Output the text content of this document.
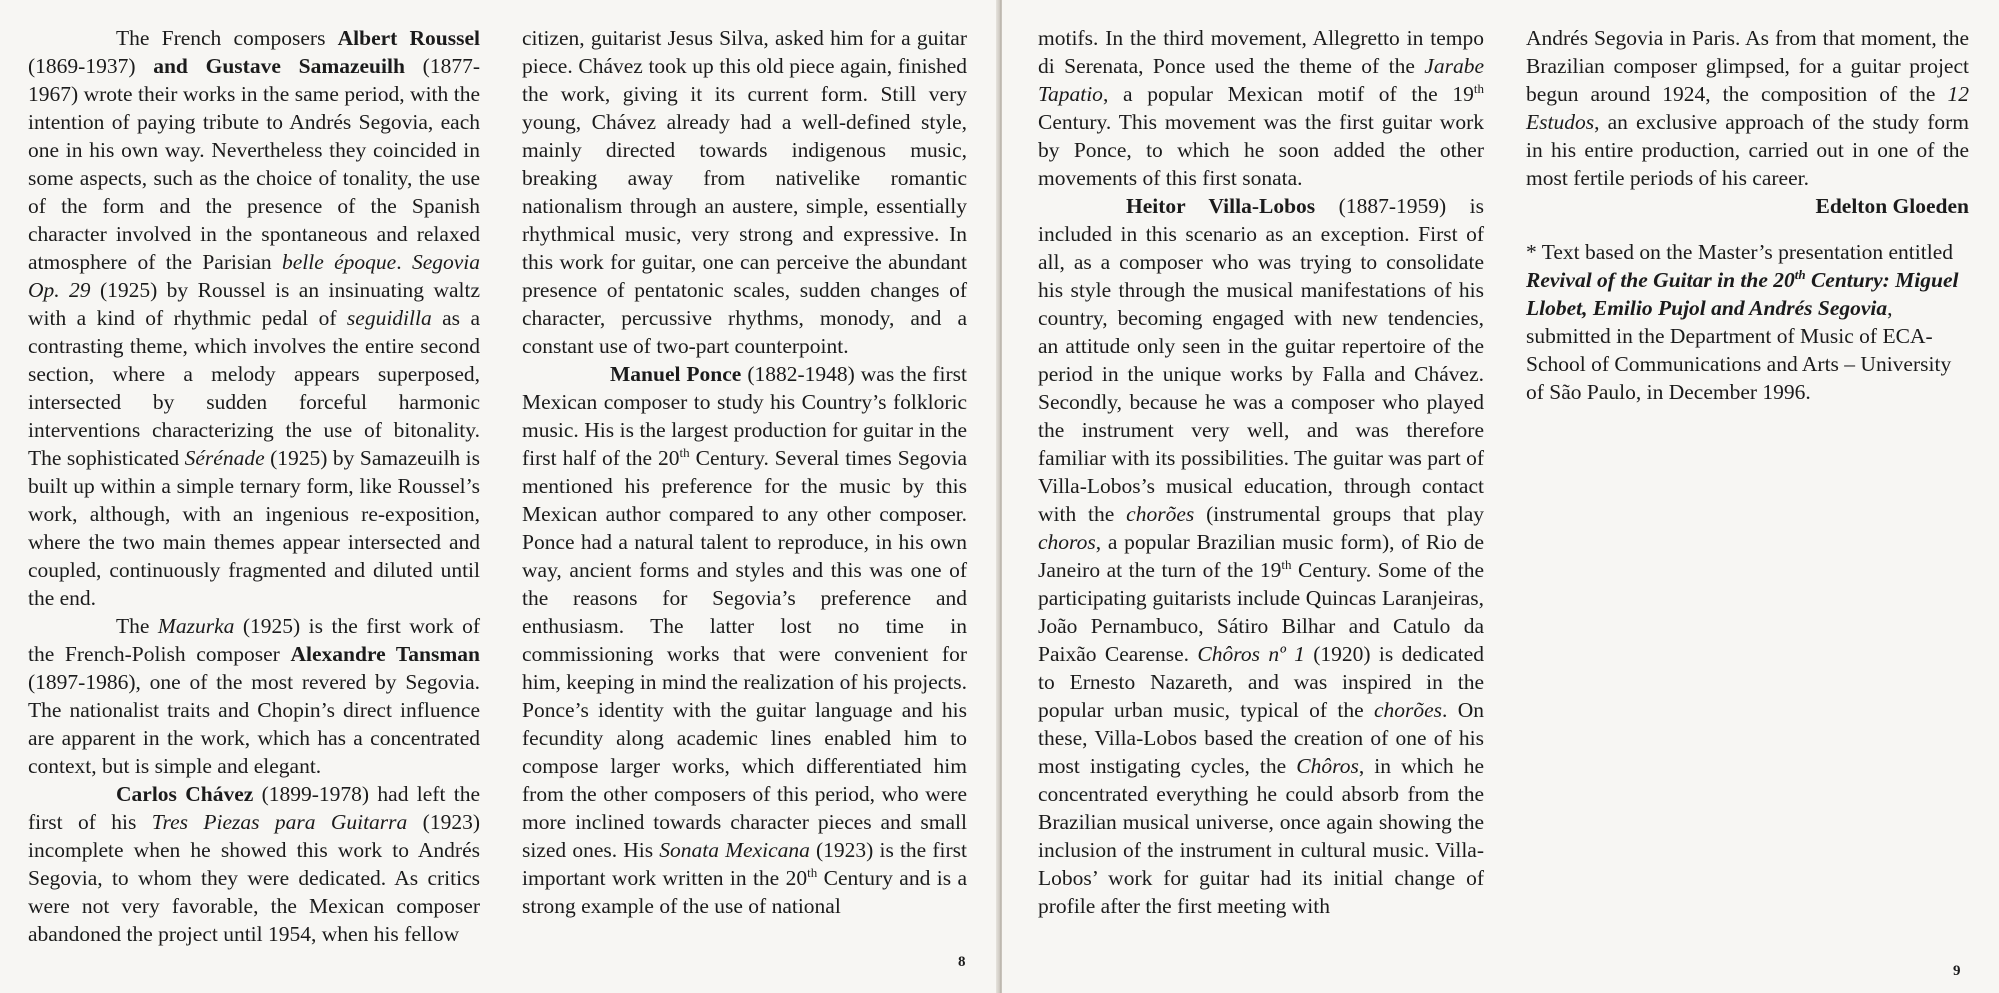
The French composers Albert Roussel (1869-1937) and Gustave Samazeuilh (1877-1967) wrote their works in the same period, with the intention of paying tribute to Andrés Segovia, each one in his own way. Nevertheless they coincided in some aspects, such as the choice of tonality, the use of the form and the presence of the Spanish character involved in the spontaneous and relaxed atmosphere of the Parisian belle époque. Segovia Op. 29 (1925) by Roussel is an insinuating waltz with a kind of rhythmic pedal of seguidilla as a contrasting theme, which involves the entire second section, where a melody appears superposed, intersected by sudden forceful harmonic interventions characterizing the use of bitonality. The sophisticated Sérénade (1925) by Samazeuilh is built up within a simple ternary form, like Roussel’s work, although, with an ingenious re-exposition, where the two main themes appear intersected and coupled, continuously fragmented and diluted until the end.

The Mazurka (1925) is the first work of the French-Polish composer Alexandre Tansman (1897-1986), one of the most revered by Segovia. The nationalist traits and Chopin’s direct influence are apparent in the work, which has a concentrated context, but is simple and elegant.

Carlos Chávez (1899-1978) had left the first of his Tres Piezas para Guitarra (1923) incomplete when he showed this work to Andrés Segovia, to whom they were dedicated. As critics were not very favorable, the Mexican composer abandoned the project until 1954, when his fellow

citizen, guitarist Jesus Silva, asked him for a guitar piece. Chávez took up this old piece again, finished the work, giving it its current form. Still very young, Chávez already had a well-defined style, mainly directed towards indigenous music, breaking away from nativelike romantic nationalism through an austere, simple, essentially rhythmical music, very strong and expressive. In this work for guitar, one can perceive the abundant presence of pentatonic scales, sudden changes of character, percussive rhythms, monody, and a constant use of two-part counterpoint.

Manuel Ponce (1882-1948) was the first Mexican composer to study his Country’s folkloric music. His is the largest production for guitar in the first half of the 20th Century. Several times Segovia mentioned his preference for the music by this Mexican author compared to any other composer. Ponce had a natural talent to reproduce, in his own way, ancient forms and styles and this was one of the reasons for Segovia’s preference and enthusiasm. The latter lost no time in commissioning works that were convenient for him, keeping in mind the realization of his projects. Ponce’s identity with the guitar language and his fecundity along academic lines enabled him to compose larger works, which differentiated him from the other composers of this period, who were more inclined towards character pieces and small sized ones. His Sonata Mexicana (1923) is the first important work written in the 20th Century and is a strong example of the use of national

8

motifs. In the third movement, Allegretto in tempo di Serenata, Ponce used the theme of the Jarabe Tapatio, a popular Mexican motif of the 19th Century. This movement was the first guitar work by Ponce, to which he soon added the other movements of this first sonata.

Heitor Villa-Lobos (1887-1959) is included in this scenario as an exception. First of all, as a composer who was trying to consolidate his style through the musical manifestations of his country, becoming engaged with new tendencies, an attitude only seen in the guitar repertoire of the period in the unique works by Falla and Chávez. Secondly, because he was a composer who played the instrument very well, and was therefore familiar with its possibilities. The guitar was part of Villa-Lobos’s musical education, through contact with the chorões (instrumental groups that play choros, a popular Brazilian music form), of Rio de Janeiro at the turn of the 19th Century. Some of the participating guitarists include Quincas Laranjeiras, João Pernambuco, Sátiro Bilhar and Catulo da Paixão Cearense. Chôros nº 1 (1920) is dedicated to Ernesto Nazareth, and was inspired in the popular urban music, typical of the chorões. On these, Villa-Lobos based the creation of one of his most instigating cycles, the Chôros, in which he concentrated everything he could absorb from the Brazilian musical universe, once again showing the inclusion of the instrument in cultural music. Villa-Lobos’ work for guitar had its initial change of profile after the first meeting with

Andrés Segovia in Paris. As from that moment, the Brazilian composer glimpsed, for a guitar project begun around 1924, the composition of the 12 Estudos, an exclusive approach of the study form in his entire production, carried out in one of the most fertile periods of his career.

Edelton Gloeden

* Text based on the Master’s presentation entitled Revival of the Guitar in the 20th Century: Miguel Llobet, Emilio Pujol and Andrés Segovia, submitted in the Department of Music of ECA-School of Communications and Arts – University of São Paulo, in December 1996.

9
